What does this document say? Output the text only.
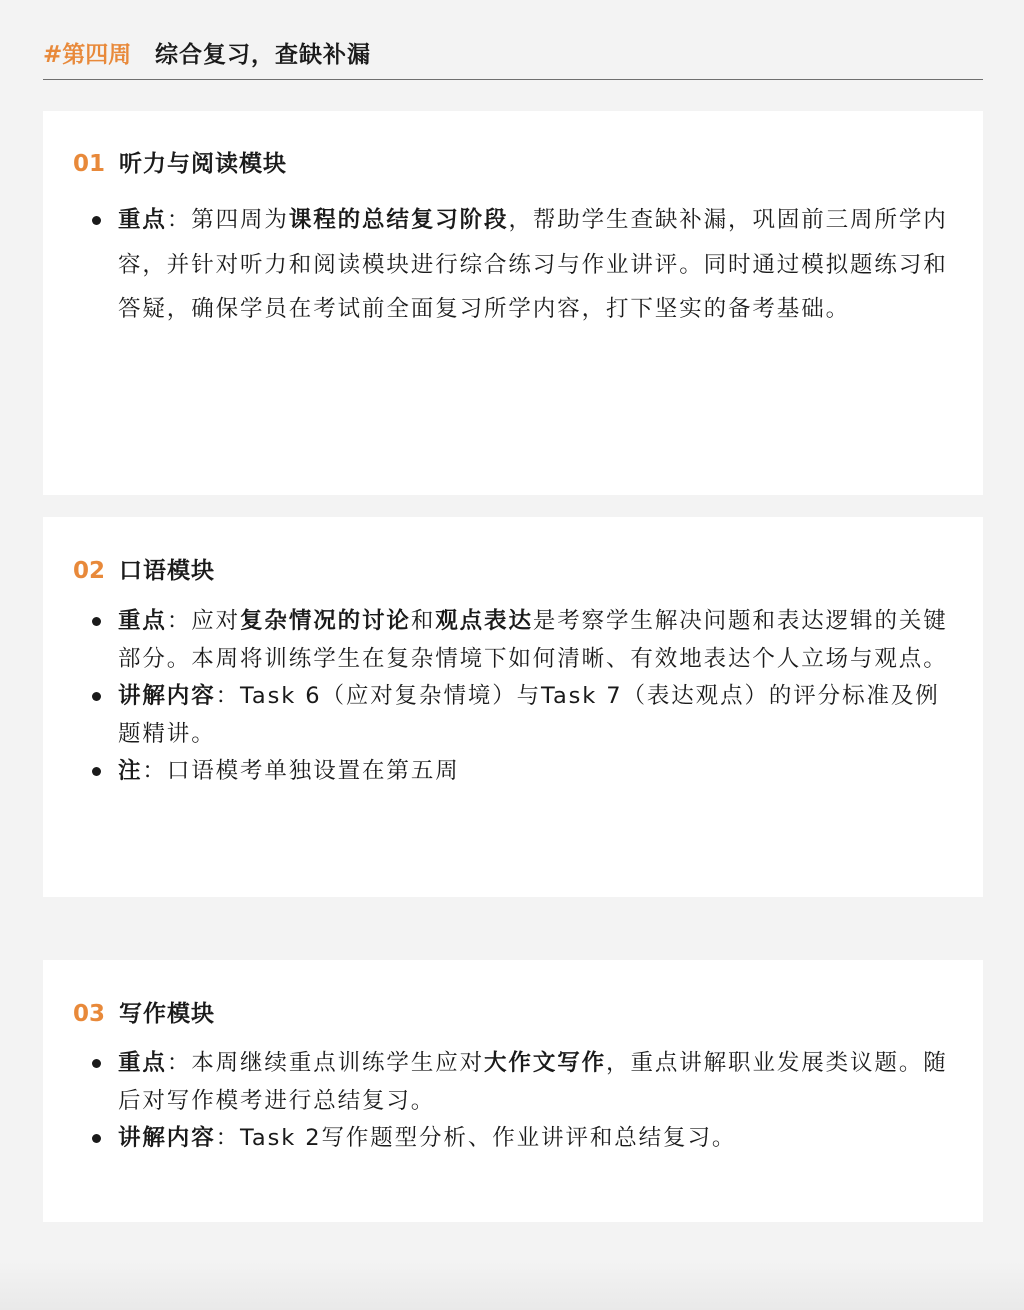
#第四周 综合复习，查缺补漏
01 听力与阅读模块
重点：第四周为课程的总结复习阶段，帮助学生查缺补漏，巩固前三周所学内容，并针对听力和阅读模块进行综合练习与作业讲评。同时通过模拟题练习和答疑，确保学员在考试前全面复习所学内容，打下坚实的备考基础。
02 口语模块
重点：应对复杂情况的讨论和观点表达是考察学生解决问题和表达逻辑的关键部分。本周将训练学生在复杂情境下如何清晰、有效地表达个人立场与观点。
讲解内容：Task 6（应对复杂情境）与Task 7（表达观点）的评分标准及例题精讲。
注：口语模考单独设置在第五周
03 写作模块
重点：本周继续重点训练学生应对大作文写作，重点讲解职业发展类议题。随后对写作模考进行总结复习。
讲解内容：Task 2写作题型分析、作业讲评和总结复习。
